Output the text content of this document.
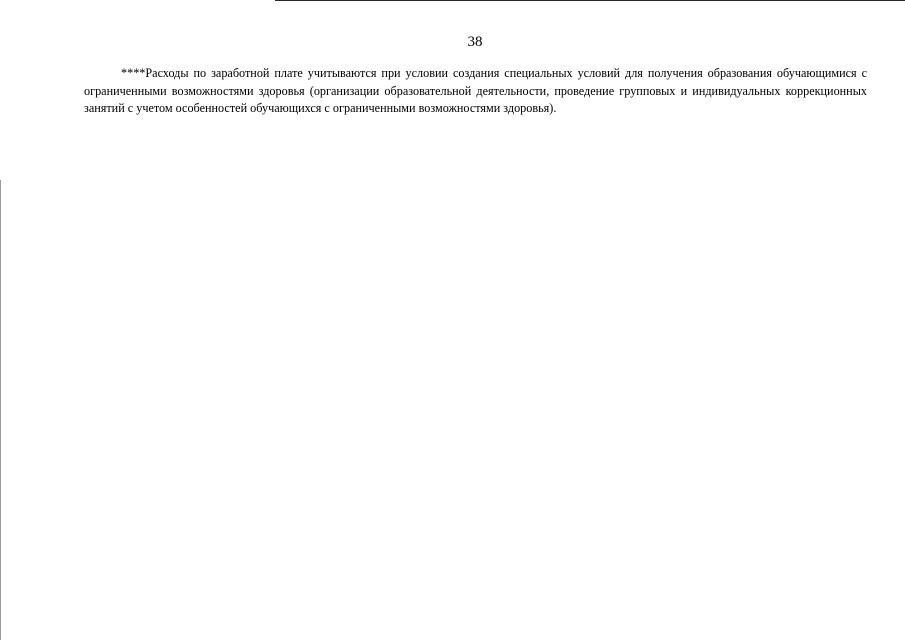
38

****Расходы по заработной плате учитываются при условии создания специальных условий для получения образования обучающимися с ограниченными возможностями здоровья (организации образовательной деятельности, проведение групповых и индивидуальных коррекционных занятий с учетом особенностей обучающихся с ограниченными возможностями здоровья).
